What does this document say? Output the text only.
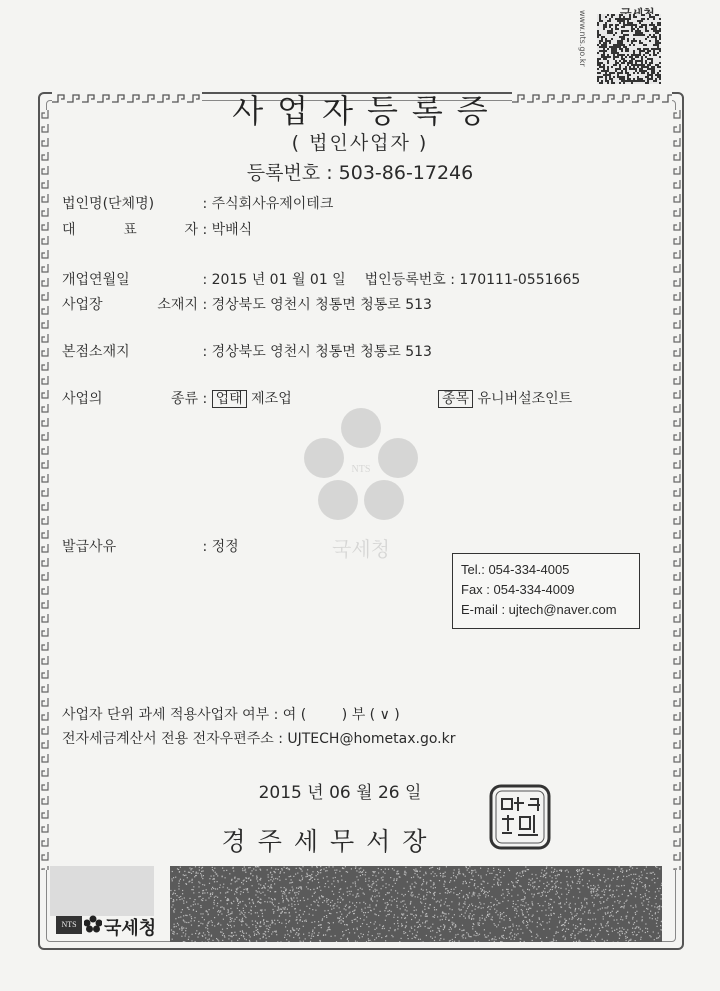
www.nts.go.kr
사업자등록증
( 법인사업자 )
등록번호 : 503-86-17246
NTS
국세청
법인명(단체명)	: 주식회사유제이테크
대 표 자 : 박배식
개업연월일	: 2015 년 01 월 01 일 법인등록번호 : 170111-0551665
사업장 소재지 : 경상북도 영천시 청통면 청통로 513
본점소재지	: 경상북도 영천시 청통면 청통로 513
사업의 종류 : 업태 제조업	종목 유니버설조인트
발급사유	: 정정
Tel.: 054-334-4005
Fax : 054-334-4009
E-mail : ujtech@naver.com
사업자 단위 과세 적용사업자 여부 : 여 (        ) 부 ( ∨ )
전자세금계산서 전용 전자우편주소 : UJTECH@hometax.go.kr
2015 년 06 월 26 일
경주세무서장
NTS	국세청
